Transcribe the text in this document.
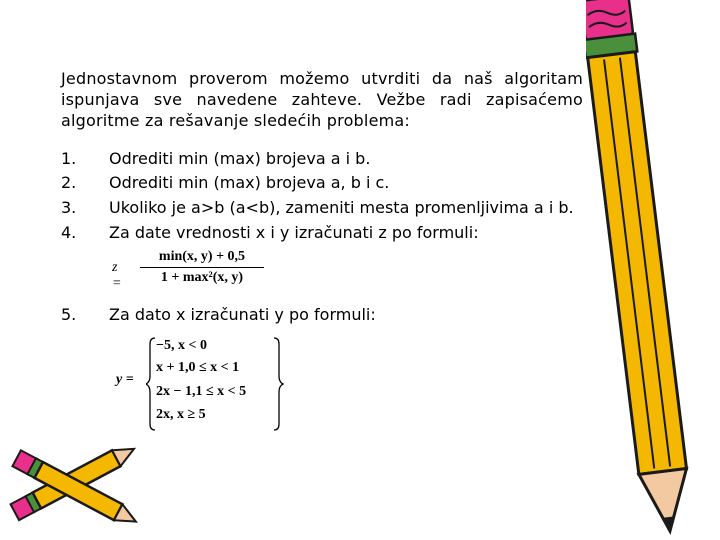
Jednostavnom proverom možemo utvrditi da naš algoritam ispunjava sve navedene zahteve. Vežbe radi zapisaćemo algoritme za rešavanje sledećih problema:
1. Odrediti min (max) brojeva a i b.
2. Odrediti min (max) brojeva a, b i c.
3. Ukoliko je a>b (a<b), zameniti mesta promenljivima a i b.
4. Za date vrednosti x i y izračunati z po formuli:
z =
min(x, y) + 0,5
1 + max²(x, y)
5. Za dato x izračunati y po formuli:
y =
−5, x < 0
x + 1,0 ≤ x < 1
2x − 1,1 ≤ x < 5
2x, x ≥ 5
